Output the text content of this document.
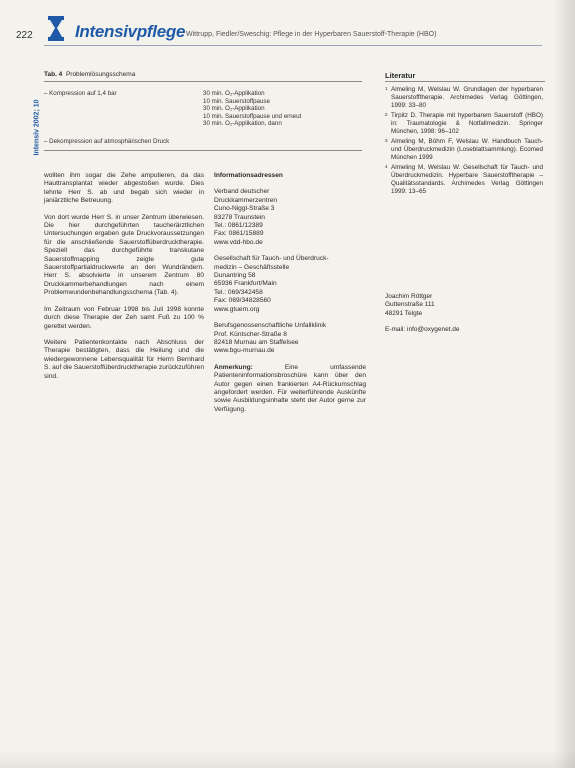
222 Intensivpflege Wittrupp, Fiedler/Sweschig: Pflege in der Hyperbaren Sauerstoff-Therapie (HBO)
Intensiv 2002; 10
Tab. 4 Problemlösungsschema
– Kompression auf 1,4 bar	30 min. O₂-Applikation
10 min. Sauerstoffpause
30 min. O₂-Applikation
10 min. Sauerstoffpause und erneut
30 min. O₂-Applikation, dann
– Dekompression auf atmosphärischen Druck

wollten ihm sogar die Zehe amputieren, da das Hauttransplantat wieder abgestoßen wurde. Dies lehnte Herr S. ab und begab sich wieder in janiärztliche Betreuung.

Von dort wurde Herr S. in unser Zentrum überwiesen. Die hier durchgeführten taucherärztlichen Untersuchungen ergaben gute Druckvoraussetzungen für die anschließende Sauerstoffüberdrucktherapie. Speziell das durchgeführte transkutane Sauerstoffmapping zeigte gute Sauerstoffpartialdruckwerte an den Wundrändern. Herr S. absolvierte in unserem Zentrum 80 Druckkammerbehandlungen nach einem Problemwundenbehandlungsschema (Tab. 4).

Im Zeitraum von Februar 1998 bis Juli 1998 konnte durch diese Therapie der Zeh samt Fuß zu 100 % gerettet werden.

Weitere Patientenkontakte nach Abschluss der Therapie bestätigten, dass die Heilung und die wiedergewonnene Lebensqualität für Herrn Bernhard S. auf die Sauerstoffüberdrucktherapie zurückzuführen sind.

Informationsadressen
Verband deutscher
Druckkammerzentren
Cuno-Niggl-Straße 3
83278 Traunstein
Tel.: 0861/12389
Fax: 0861/15889
www.vdd-hbo.de
Gesellschaft für Tauch- und Überdruck-
medizin – Geschäftsstelle
Dunantring 58
65936 Frankfurt/Main
Tel.: 069/342458
Fax: 069/34828560
www.gtuem.org
Berufsgenossenschaftliche Unfallklinik
Prof. Küntscher-Straße 8
82418 Murnau am Staffelsee
www.bgu-murnau.de

Anmerkung:	Eine umfassende Patienteninformationsbroschüre kann über den Autor gegen einen frankierten A4-Rückumschlag angefordert werden. Für weiterführende Auskünfte sowie Ausbildungsinhalte steht der Autor gerne zur Verfügung.

Literatur
1 Almeling M, Welslau W. Grundlagen der hyperbaren Sauerstofftherapie. Archimedes Verlag Göttingen, 1999: 33–80
2 Tirpitz D. Therapie mit hyperbarem Sauerstoff (HBO) in: Traumatologie & Notfallmedizin. Springer München, 1998: 96–102
3 Almeling M, Böhm F, Welslau W. Handbuch Tauch- und Überdruckmedizin (Loseblattsammlung). Ecomed München 1999
4 Almeling M, Welslau W. Gesellschaft für Tauch- und Überdruckmedizin. Hyperbare Sauerstofftherapie – Qualitätsstandards. Archimedes Verlag Göttingen 1999: 13–65
Joachim Röttger
Guttenstraße 111
48291 Telgte
E-mail: info@oxygenet.de
